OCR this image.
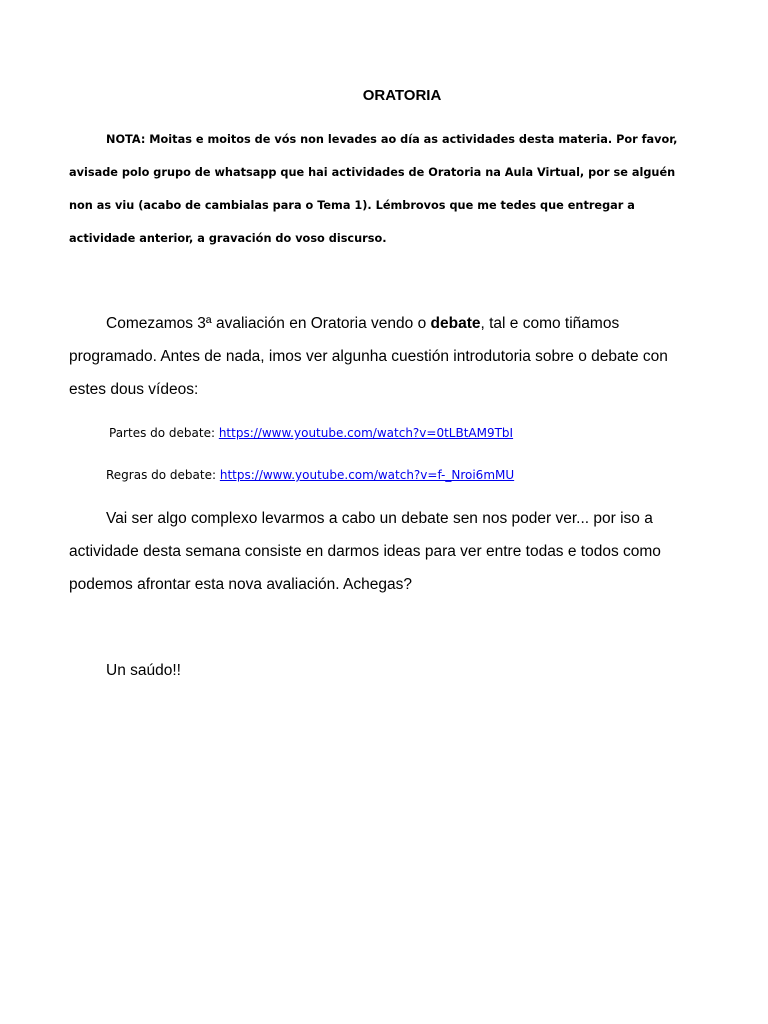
ORATORIA

NOTA: Moitas e moitos de vós non levades ao día as actividades desta materia. Por favor, avisade polo grupo de whatsapp que hai actividades de Oratoria na Aula Virtual, por se alguén non as viu (acabo de cambialas para o Tema 1). Lémbrovos que me tedes que entregar a actividade anterior, a gravación do voso discurso.

Comezamos 3ª avaliación en Oratoria vendo o debate, tal e como tiñamos programado. Antes de nada, imos ver algunha cuestión introdutoria sobre o debate con estes dous vídeos:

Partes do debate: https://www.youtube.com/watch?v=0tLBtAM9TbI
Regras do debate: https://www.youtube.com/watch?v=f-_Nroi6mMU

Vai ser algo complexo levarmos a cabo un debate sen nos poder ver... por iso a actividade desta semana consiste en darmos ideas para ver entre todas e todos como podemos afrontar esta nova avaliación. Achegas?

Un saúdo!!
